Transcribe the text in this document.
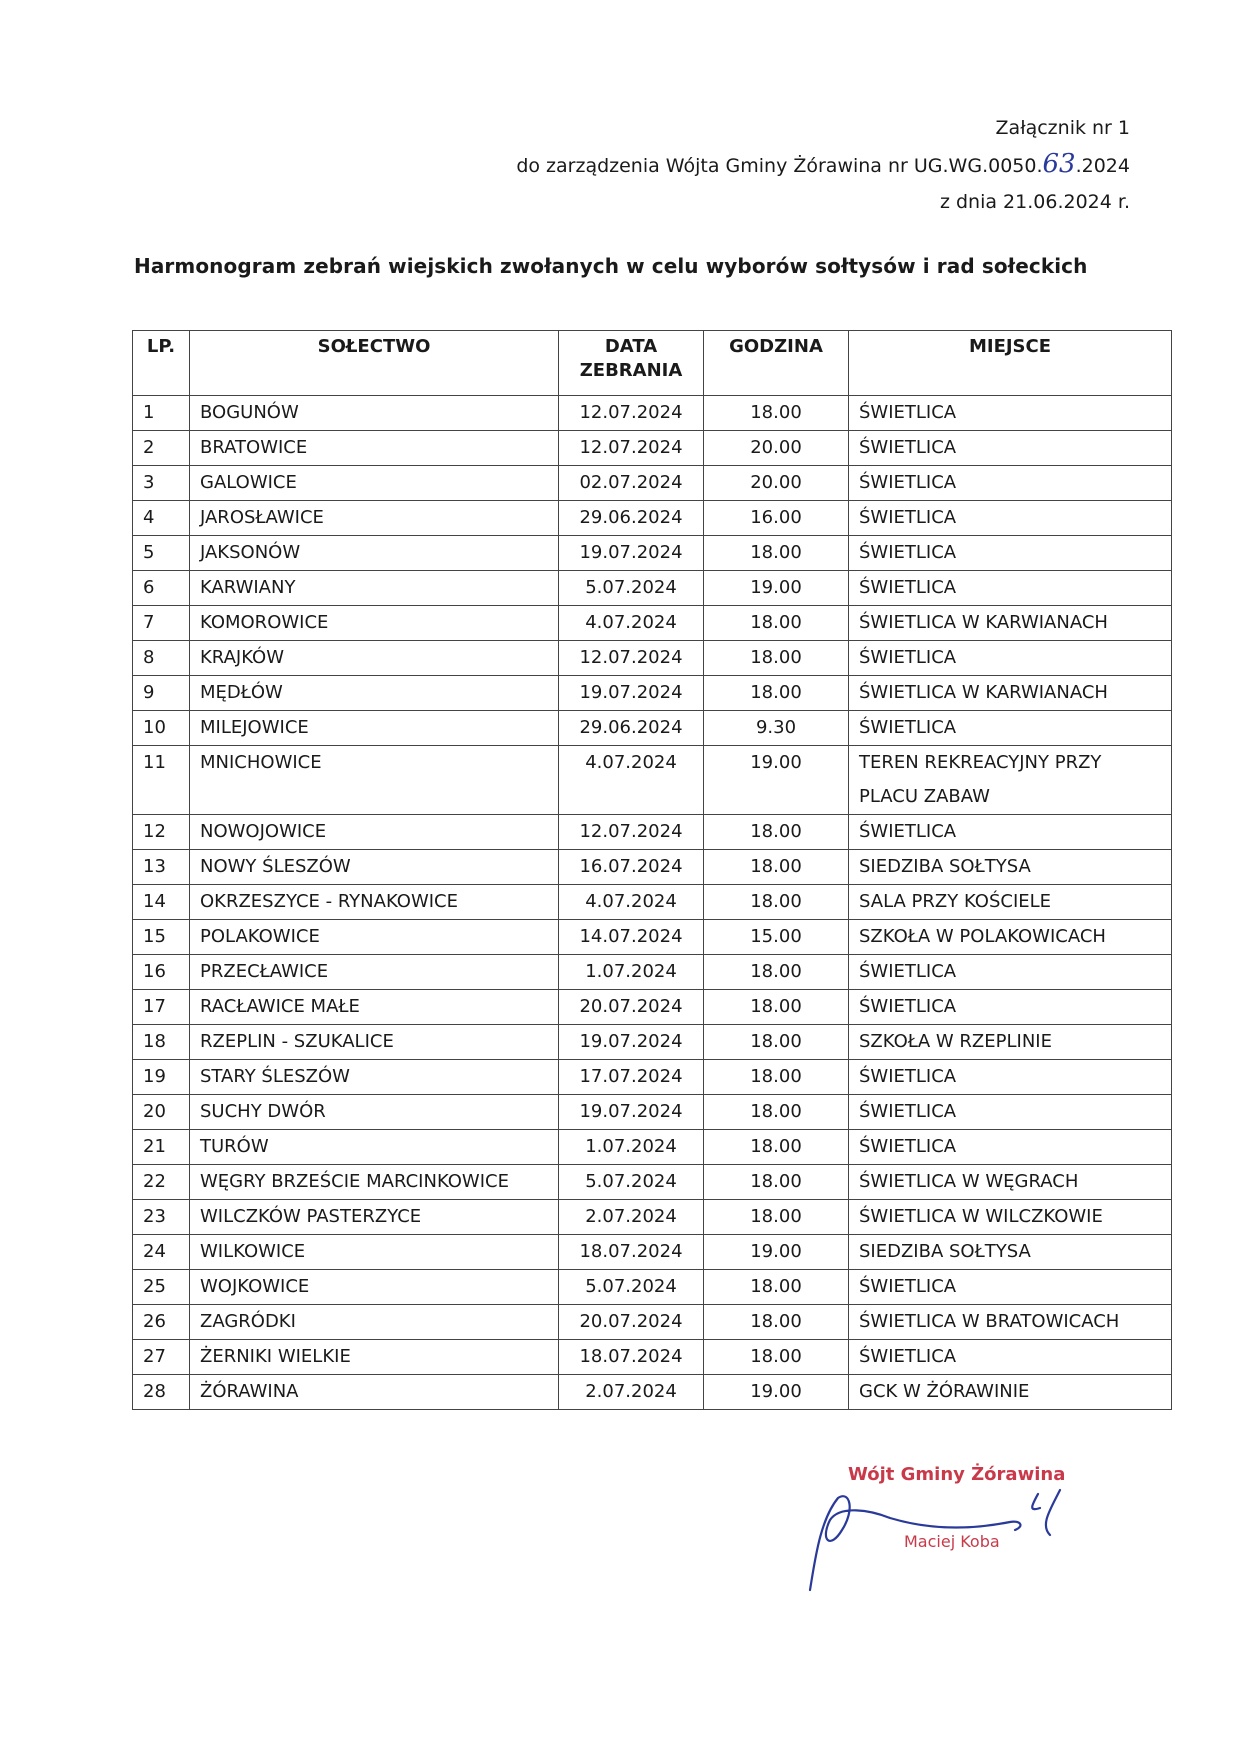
Załącznik nr 1
do zarządzenia Wójta Gminy Żórawina nr UG.WG.0050.63.2024
z dnia 21.06.2024 r.
Harmonogram zebrań wiejskich zwołanych w celu wyborów sołtysów i rad sołeckich
LP.	SOŁECTWO	DATA ZEBRANIA	GODZINA	MIEJSCE
1	BOGUNÓW	12.07.2024	18.00	ŚWIETLICA
2	BRATOWICE	12.07.2024	20.00	ŚWIETLICA
3	GALOWICE	02.07.2024	20.00	ŚWIETLICA
4	JAROSŁAWICE	29.06.2024	16.00	ŚWIETLICA
5	JAKSONÓW	19.07.2024	18.00	ŚWIETLICA
6	KARWIANY	5.07.2024	19.00	ŚWIETLICA
7	KOMOROWICE	4.07.2024	18.00	ŚWIETLICA W KARWIANACH
8	KRAJKÓW	12.07.2024	18.00	ŚWIETLICA
9	MĘDŁÓW	19.07.2024	18.00	ŚWIETLICA W KARWIANACH
10	MILEJOWICE	29.06.2024	9.30	ŚWIETLICA
11	MNICHOWICE	4.07.2024	19.00	TEREN REKREACYJNY PRZY PLACU ZABAW
12	NOWOJOWICE	12.07.2024	18.00	ŚWIETLICA
13	NOWY ŚLESZÓW	16.07.2024	18.00	SIEDZIBA SOŁTYSA
14	OKRZESZYCE - RYNAKOWICE	4.07.2024	18.00	SALA PRZY KOŚCIELE
15	POLAKOWICE	14.07.2024	15.00	SZKOŁA W POLAKOWICACH
16	PRZECŁAWICE	1.07.2024	18.00	ŚWIETLICA
17	RACŁAWICE MAŁE	20.07.2024	18.00	ŚWIETLICA
18	RZEPLIN - SZUKALICE	19.07.2024	18.00	SZKOŁA W RZEPLINIE
19	STARY ŚLESZÓW	17.07.2024	18.00	ŚWIETLICA
20	SUCHY DWÓR	19.07.2024	18.00	ŚWIETLICA
21	TURÓW	1.07.2024	18.00	ŚWIETLICA
22	WĘGRY BRZEŚCIE MARCINKOWICE	5.07.2024	18.00	ŚWIETLICA W WĘGRACH
23	WILCZKÓW PASTERZYCE	2.07.2024	18.00	ŚWIETLICA W WILCZKOWIE
24	WILKOWICE	18.07.2024	19.00	SIEDZIBA SOŁTYSA
25	WOJKOWICE	5.07.2024	18.00	ŚWIETLICA
26	ZAGRÓDKI	20.07.2024	18.00	ŚWIETLICA W BRATOWICACH
27	ŻERNIKI WIELKIE	18.07.2024	18.00	ŚWIETLICA
28	ŻÓRAWINA	2.07.2024	19.00	GCK W ŻÓRAWINIE
Wójt Gminy Żórawina
Maciej Koba
